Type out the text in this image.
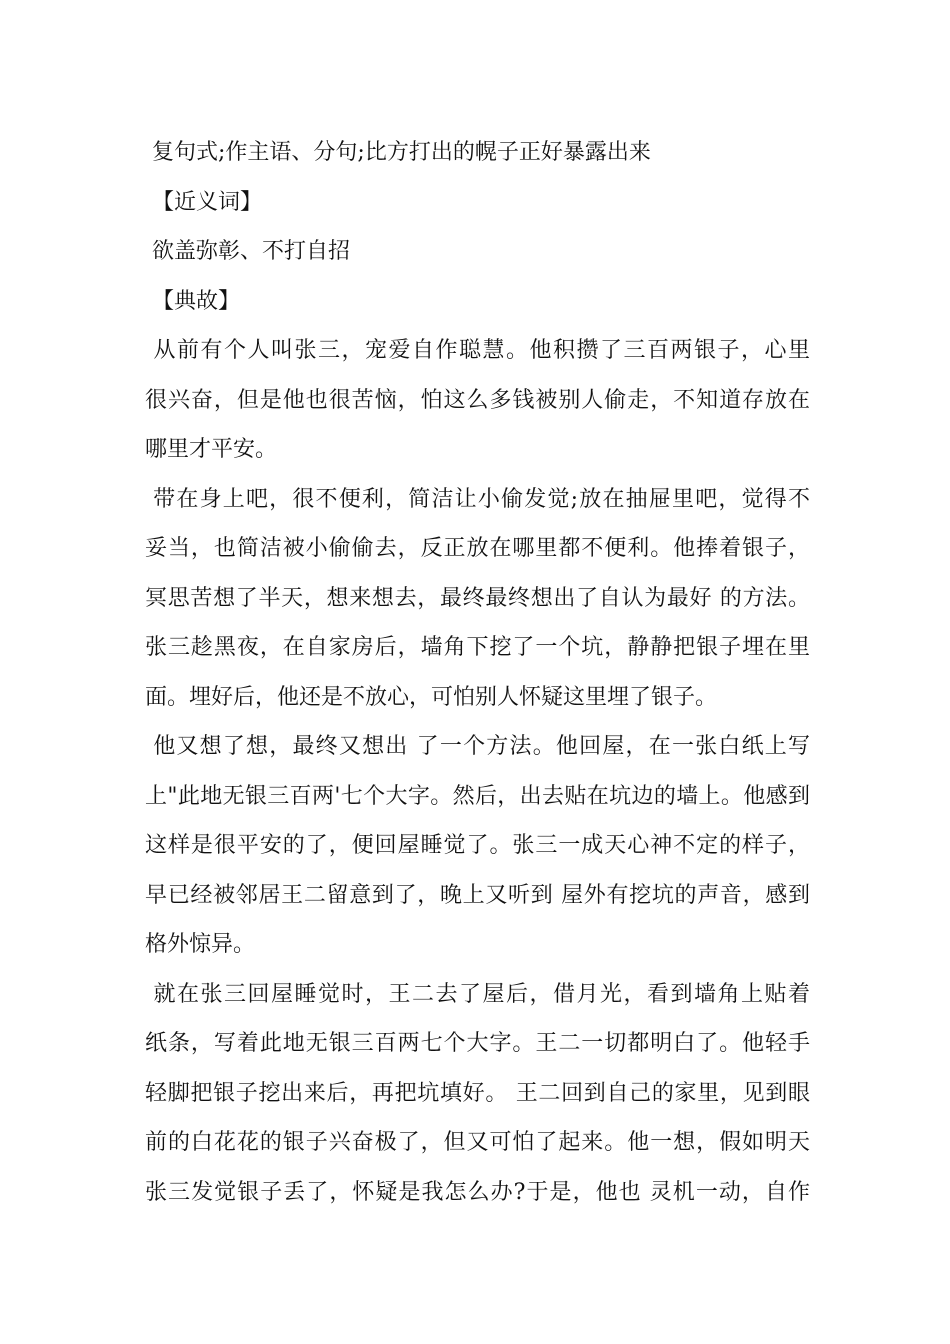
复句式;作主语、分句;比方打出的幌子正好暴露出来
【近义词】
欲盖弥彰、不打自招
【典故】
从前有个人叫张三，宠爱自作聪慧。他积攒了三百两银子，心里
很兴奋，但是他也很苦恼，怕这么多钱被别人偷走，不知道存放在
哪里才平安。
带在身上吧，很不便利，简洁让小偷发觉;放在抽屉里吧，觉得不
妥当，也简洁被小偷偷去，反正放在哪里都不便利。他捧着银子，
冥思苦想了半天，想来想去，最终最终想出了自认为最好 的方法。
张三趁黑夜，在自家房后，墙角下挖了一个坑，静静把银子埋在里
面。埋好后，他还是不放心，可怕别人怀疑这里埋了银子。
他又想了想，最终又想出 了一个方法。他回屋，在一张白纸上写
上"此地无银三百两'七个大字。然后，出去贴在坑边的墙上。他感到
这样是很平安的了，便回屋睡觉了。张三一成天心神不定的样子，
早已经被邻居王二留意到了，晚上又听到 屋外有挖坑的声音，感到
格外惊异。
就在张三回屋睡觉时，王二去了屋后，借月光，看到墙角上贴着
纸条，写着此地无银三百两七个大字。王二一切都明白了。他轻手
轻脚把银子挖出来后，再把坑填好。 王二回到自己的家里，见到眼
前的白花花的银子兴奋极了，但又可怕了起来。他一想，假如明天
张三发觉银子丢了，怀疑是我怎么办?于是，他也 灵机一动，自作
